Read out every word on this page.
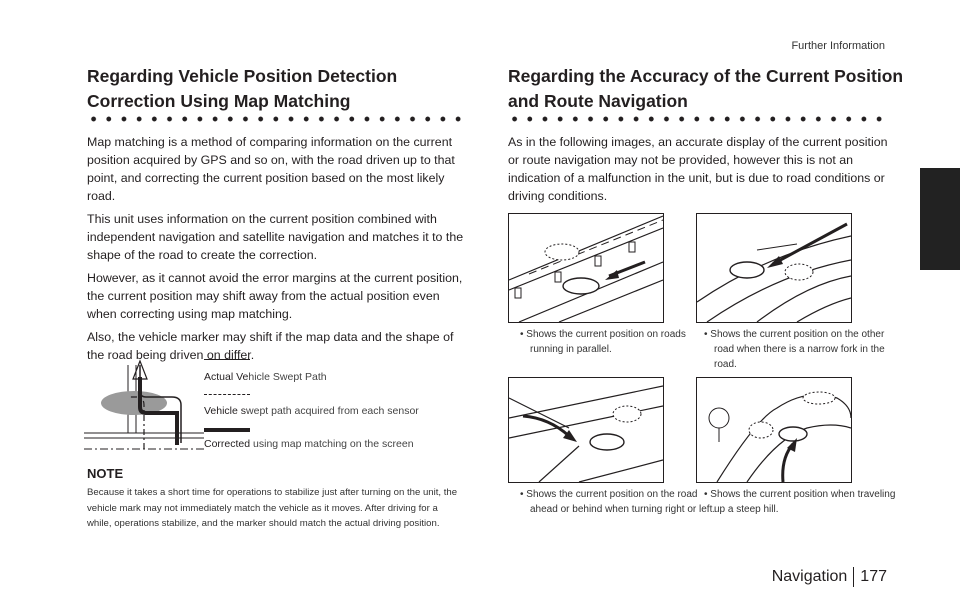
Further Information
Regarding Vehicle Position Detection
Correction Using Map Matching

Map matching is a method of comparing information on the current position acquired by GPS and so on, with the road driven up to that point, and correcting the current position based on the most likely road.

This unit uses information on the current position combined with independent navigation and satellite navigation and matches it to the shape of the road to create the correction.

However, as it cannot avoid the error margins at the current position, the current position may shift away from the actual position even when correcting using map matching.

Also, the vehicle marker may shift if the map data and the shape of the road being driven on differ.

Actual Vehicle Swept Path
Vehicle swept path acquired from each sensor
Corrected using map matching on the screen
NOTE
Because it takes a short time for operations to stabilize just after turning on the unit, the vehicle mark may not immediately match the vehicle as it moves. After driving for a while, operations stabilize, and the marker should match the actual driving position.
Regarding the Accuracy of the Current Position
and Route Navigation

As in the following images, an accurate display of the current position or route navigation may not be provided, however this is not an indication of a malfunction in the unit, but is due to road conditions or driving conditions.

• Shows the current position on roads running in parallel.
• Shows the current position on the other road when there is a narrow fork in the road.
• Shows the current position on the road ahead or behind when turning right or left.
• Shows the current position when traveling up a steep hill.
Navigation 177
